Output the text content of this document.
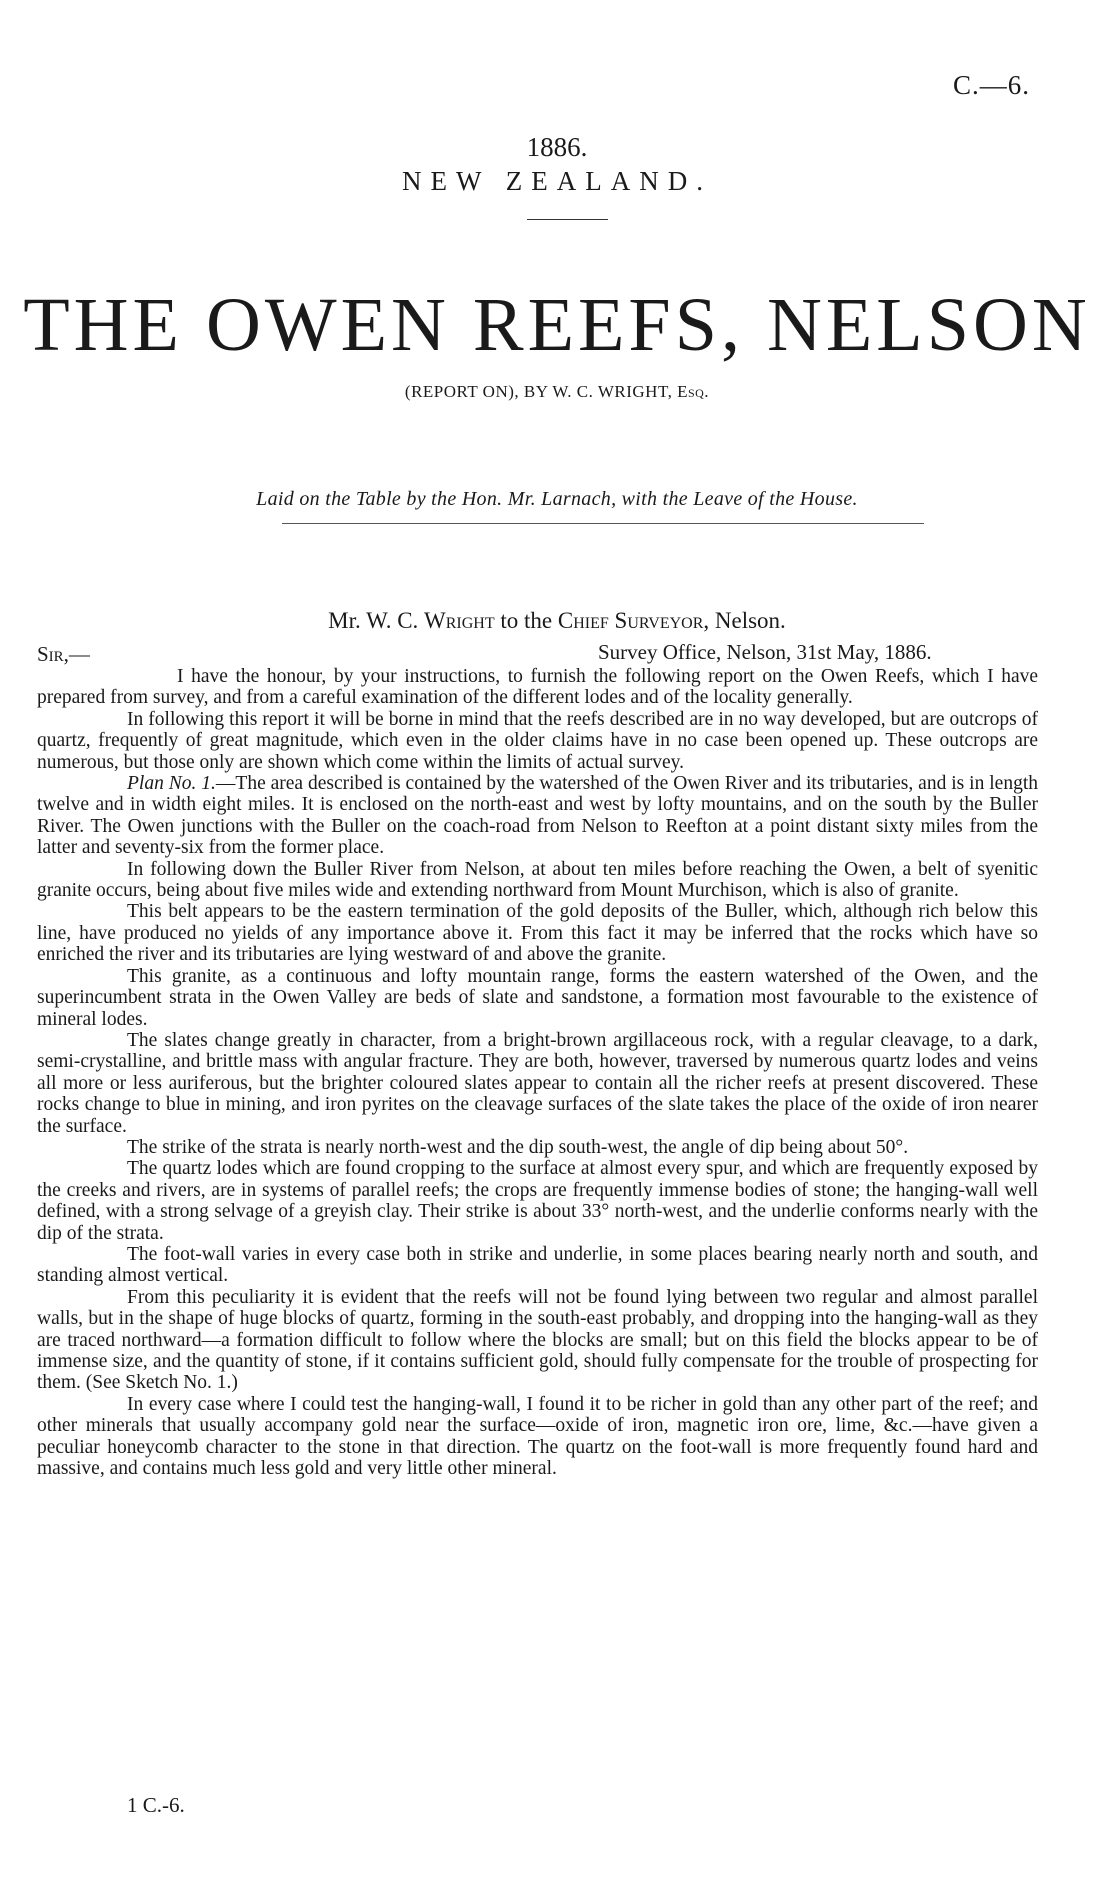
C.—6.
1886.
NEW ZEALAND.
THE OWEN REEFS, NELSON
(REPORT ON), BY W. C. WRIGHT, Esq.
Laid on the Table by the Hon. Mr. Larnach, with the Leave of the House.
Mr. W. C. Wright to the Chief Surveyor, Nelson.
Sir,—	Survey Office, Nelson, 31st May, 1886.

I have the honour, by your instructions, to furnish the following report on the Owen Reefs, which I have prepared from survey, and from a careful examination of the different lodes and of the locality generally.

In following this report it will be borne in mind that the reefs described are in no way developed, but are outcrops of quartz, frequently of great magnitude, which even in the older claims have in no case been opened up. These outcrops are numerous, but those only are shown which come within the limits of actual survey.

Plan No. 1.—The area described is contained by the watershed of the Owen River and its tributaries, and is in length twelve and in width eight miles. It is enclosed on the north-east and west by lofty mountains, and on the south by the Buller River. The Owen junctions with the Buller on the coach-road from Nelson to Reefton at a point distant sixty miles from the latter and seventy-six from the former place.

In following down the Buller River from Nelson, at about ten miles before reaching the Owen, a belt of syenitic granite occurs, being about five miles wide and extending northward from Mount Murchison, which is also of granite.

This belt appears to be the eastern termination of the gold deposits of the Buller, which, although rich below this line, have produced no yields of any importance above it. From this fact it may be inferred that the rocks which have so enriched the river and its tributaries are lying westward of and above the granite.

This granite, as a continuous and lofty mountain range, forms the eastern watershed of the Owen, and the superincumbent strata in the Owen Valley are beds of slate and sandstone, a formation most favourable to the existence of mineral lodes.

The slates change greatly in character, from a bright-brown argillaceous rock, with a regular cleavage, to a dark, semi-crystalline, and brittle mass with angular fracture. They are both, however, traversed by numerous quartz lodes and veins all more or less auriferous, but the brighter coloured slates appear to contain all the richer reefs at present discovered. These rocks change to blue in mining, and iron pyrites on the cleavage surfaces of the slate takes the place of the oxide of iron nearer the surface.

The strike of the strata is nearly north-west and the dip south-west, the angle of dip being about 50°.

The quartz lodes which are found cropping to the surface at almost every spur, and which are frequently exposed by the creeks and rivers, are in systems of parallel reefs; the crops are frequently immense bodies of stone; the hanging-wall well defined, with a strong selvage of a greyish clay. Their strike is about 33° north-west, and the underlie conforms nearly with the dip of the strata.

The foot-wall varies in every case both in strike and underlie, in some places bearing nearly north and south, and standing almost vertical.

From this peculiarity it is evident that the reefs will not be found lying between two regular and almost parallel walls, but in the shape of huge blocks of quartz, forming in the south-east probably, and dropping into the hanging-wall as they are traced northward—a formation difficult to follow where the blocks are small; but on this field the blocks appear to be of immense size, and the quantity of stone, if it contains sufficient gold, should fully compensate for the trouble of prospecting for them. (See Sketch No. 1.)

In every case where I could test the hanging-wall, I found it to be richer in gold than any other part of the reef; and other minerals that usually accompany gold near the surface—oxide of iron, magnetic iron ore, lime, &c.—have given a peculiar honeycomb character to the stone in that direction. The quartz on the foot-wall is more frequently found hard and massive, and contains much less gold and very little other mineral.

1 C.-6.
